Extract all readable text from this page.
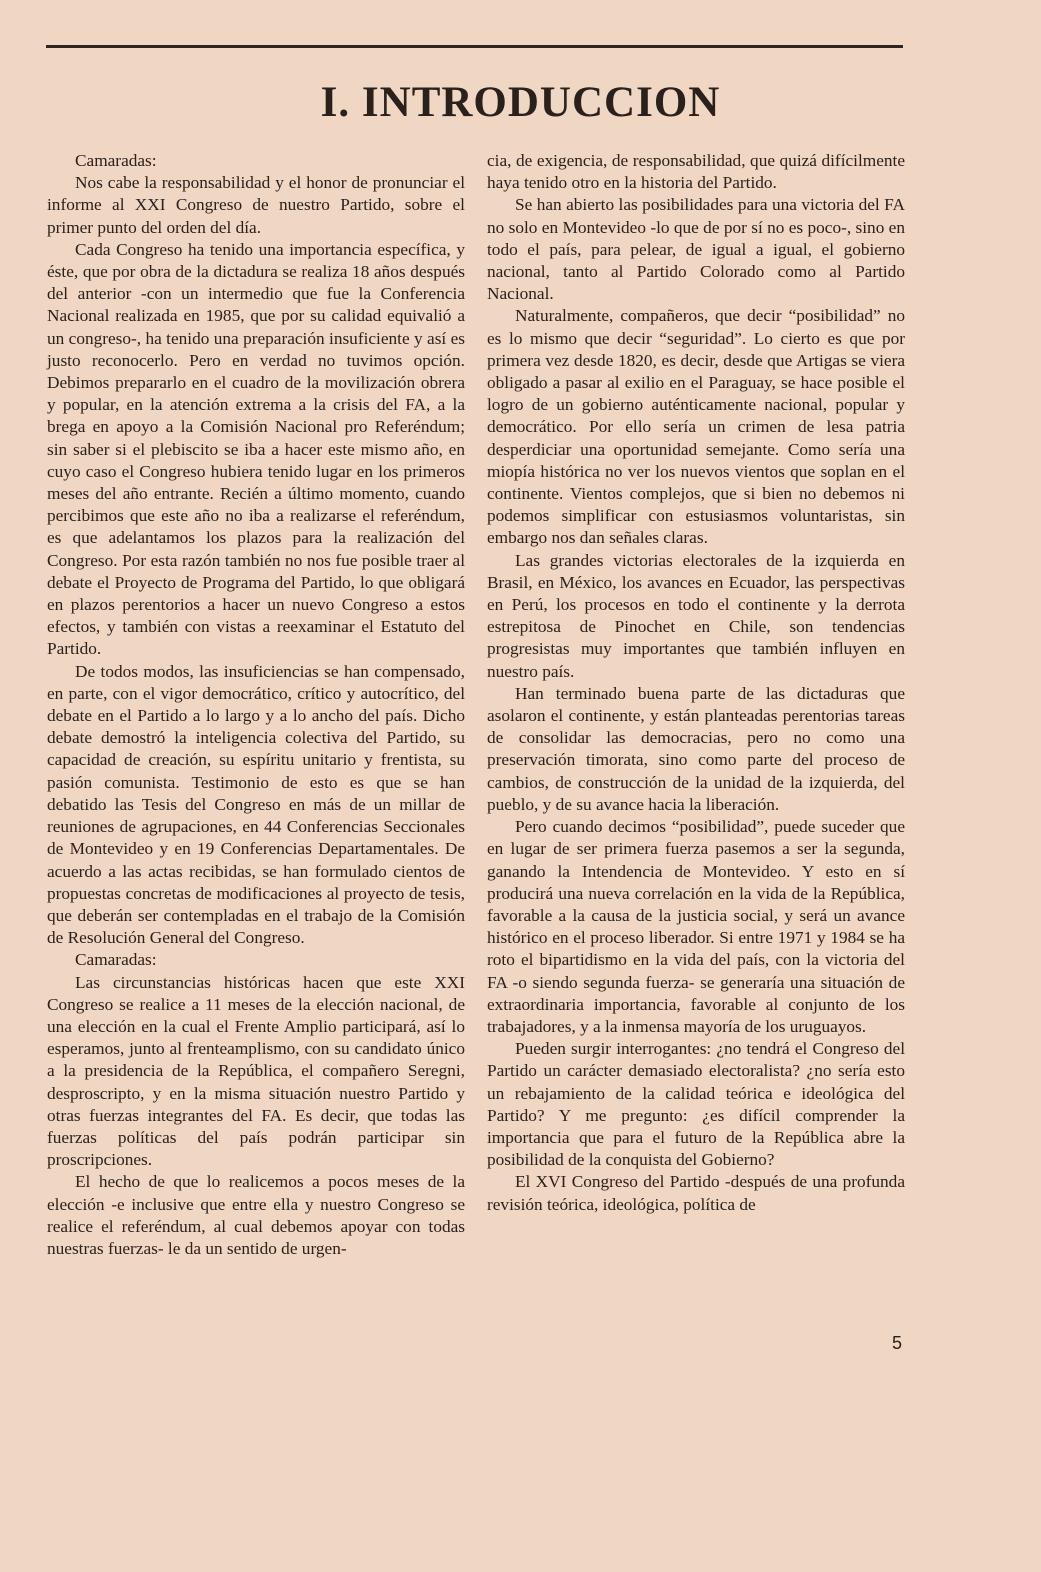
I. INTRODUCCION

Camaradas:

Nos cabe la responsabilidad y el honor de pronunciar el informe al XXI Congreso de nuestro Partido, sobre el primer punto del orden del día.

Cada Congreso ha tenido una importancia específica, y éste, que por obra de la dictadura se realiza 18 años después del anterior -con un intermedio que fue la Conferencia Nacional realizada en 1985, que por su calidad equivalió a un congreso-, ha tenido una preparación insuficiente y así es justo reconocerlo. Pero en verdad no tuvimos opción. Debimos prepararlo en el cuadro de la movilización obrera y popular, en la atención extrema a la crisis del FA, a la brega en apoyo a la Comisión Nacional pro Referéndum; sin saber si el plebiscito se iba a hacer este mismo año, en cuyo caso el Congreso hubiera tenido lugar en los primeros meses del año entrante. Recién a último momento, cuando percibimos que este año no iba a realizarse el referéndum, es que adelantamos los plazos para la realización del Congreso. Por esta razón también no nos fue posible traer al debate el Proyecto de Programa del Partido, lo que obligará en plazos perentorios a hacer un nuevo Congreso a estos efectos, y también con vistas a reexaminar el Estatuto del Partido.

De todos modos, las insuficiencias se han compensado, en parte, con el vigor democrático, crítico y autocrítico, del debate en el Partido a lo largo y a lo ancho del país. Dicho debate demostró la inteligencia colectiva del Partido, su capacidad de creación, su espíritu unitario y frentista, su pasión comunista. Testimonio de esto es que se han debatido las Tesis del Congreso en más de un millar de reuniones de agrupaciones, en 44 Conferencias Seccionales de Montevideo y en 19 Conferencias Departamentales. De acuerdo a las actas recibidas, se han formulado cientos de propuestas concretas de modificaciones al proyecto de tesis, que deberán ser contempladas en el trabajo de la Comisión de Resolución General del Congreso.

Camaradas:

Las circunstancias históricas hacen que este XXI Congreso se realice a 11 meses de la elección nacional, de una elección en la cual el Frente Amplio participará, así lo esperamos, junto al frenteamplismo, con su candidato único a la presidencia de la República, el compañero Seregni, desproscripto, y en la misma situación nuestro Partido y otras fuerzas integrantes del FA. Es decir, que todas las fuerzas políticas del país podrán participar sin proscripciones.

El hecho de que lo realicemos a pocos meses de la elección -e inclusive que entre ella y nuestro Congreso se realice el referéndum, al cual debemos apoyar con todas nuestras fuerzas- le da un sentido de urgen-

cia, de exigencia, de responsabilidad, que quizá difícilmente haya tenido otro en la historia del Partido.

Se han abierto las posibilidades para una victoria del FA no solo en Montevideo -lo que de por sí no es poco-, sino en todo el país, para pelear, de igual a igual, el gobierno nacional, tanto al Partido Colorado como al Partido Nacional.

Naturalmente, compañeros, que decir “posibilidad” no es lo mismo que decir “seguridad”. Lo cierto es que por primera vez desde 1820, es decir, desde que Artigas se viera obligado a pasar al exilio en el Paraguay, se hace posible el logro de un gobierno auténticamente nacional, popular y democrático. Por ello sería un crimen de lesa patria desperdiciar una oportunidad semejante. Como sería una miopía histórica no ver los nuevos vientos que soplan en el continente. Vientos complejos, que si bien no debemos ni podemos simplificar con estusiasmos voluntaristas, sin embargo nos dan señales claras.

Las grandes victorias electorales de la izquierda en Brasil, en México, los avances en Ecuador, las perspectivas en Perú, los procesos en todo el continente y la derrota estrepitosa de Pinochet en Chile, son tendencias progresistas muy importantes que también influyen en nuestro país.

Han terminado buena parte de las dictaduras que asolaron el continente, y están planteadas perentorias tareas de consolidar las democracias, pero no como una preservación timorata, sino como parte del proceso de cambios, de construcción de la unidad de la izquierda, del pueblo, y de su avance hacia la liberación.

Pero cuando decimos “posibilidad”, puede suceder que en lugar de ser primera fuerza pasemos a ser la segunda, ganando la Intendencia de Montevideo. Y esto en sí producirá una nueva correlación en la vida de la República, favorable a la causa de la justicia social, y será un avance histórico en el proceso liberador. Si entre 1971 y 1984 se ha roto el bipartidismo en la vida del país, con la victoria del FA -o siendo segunda fuerza- se generaría una situación de extraordinaria importancia, favorable al conjunto de los trabajadores, y a la inmensa mayoría de los uruguayos.

Pueden surgir interrogantes: ¿no tendrá el Congreso del Partido un carácter demasiado electoralista? ¿no sería esto un rebajamiento de la calidad teórica e ideológica del Partido? Y me pregunto: ¿es difícil comprender la importancia que para el futuro de la República abre la posibilidad de la conquista del Gobierno?

El XVI Congreso del Partido -después de una profunda revisión teórica, ideológica, política de

5
